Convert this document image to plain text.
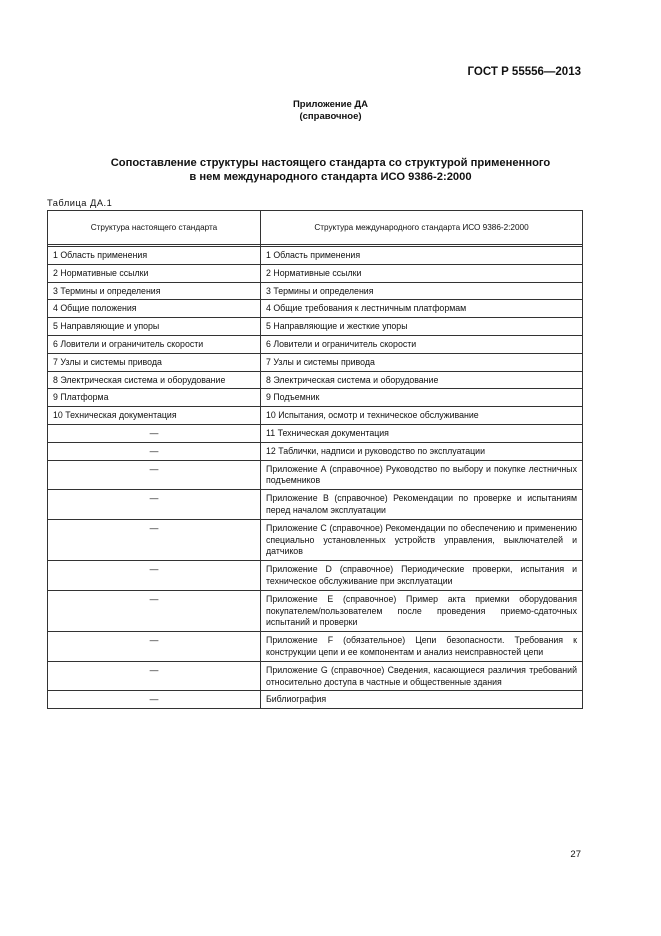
ГОСТ Р 55556—2013
Приложение ДА
(справочное)
Сопоставление структуры настоящего стандарта со структурой примененного
в нем международного стандарта ИСО 9386-2:2000
Таблица ДА.1
Структура настоящего стандарта	Структура международного стандарта ИСО 9386-2:2000

1 Область применения	1 Область применения
2 Нормативные ссылки	2 Нормативные ссылки
3 Термины и определения	3 Термины и определения
4 Общие положения	4 Общие требования к лестничным платформам
5 Направляющие и упоры	5 Направляющие и жесткие упоры
6 Ловители и ограничитель скорости	6 Ловители и ограничитель скорости
7 Узлы и системы привода	7 Узлы и системы привода
8 Электрическая система и оборудование	8 Электрическая система и оборудование
9 Платформа	9 Подъемник
10 Техническая документация	10 Испытания, осмотр и техническое обслуживание
—	11 Техническая документация
—	12 Таблички, надписи и руководство по эксплуатации
—	Приложение А (справочное) Руководство по выбору и покупке лестничных подъемников
—	Приложение В (справочное) Рекомендации по проверке и испытаниям перед началом эксплуатации
—	Приложение С (справочное) Рекомендации по обеспечению и применению специально установленных устройств управления, выключателей и датчиков
—	Приложение D (справочное) Периодические проверки, испытания и техническое обслуживание при эксплуатации
—	Приложение Е (справочное) Пример акта приемки оборудования покупателем/пользователем после проведения приемо-сдаточных испытаний и проверки
—	Приложение F (обязательное) Цепи безопасности. Требования к конструкции цепи и ее компонентам и анализ неисправностей цепи
—	Приложение G (справочное) Сведения, касающиеся различия требований относительно доступа в частные и общественные здания
—	Библиография
27
